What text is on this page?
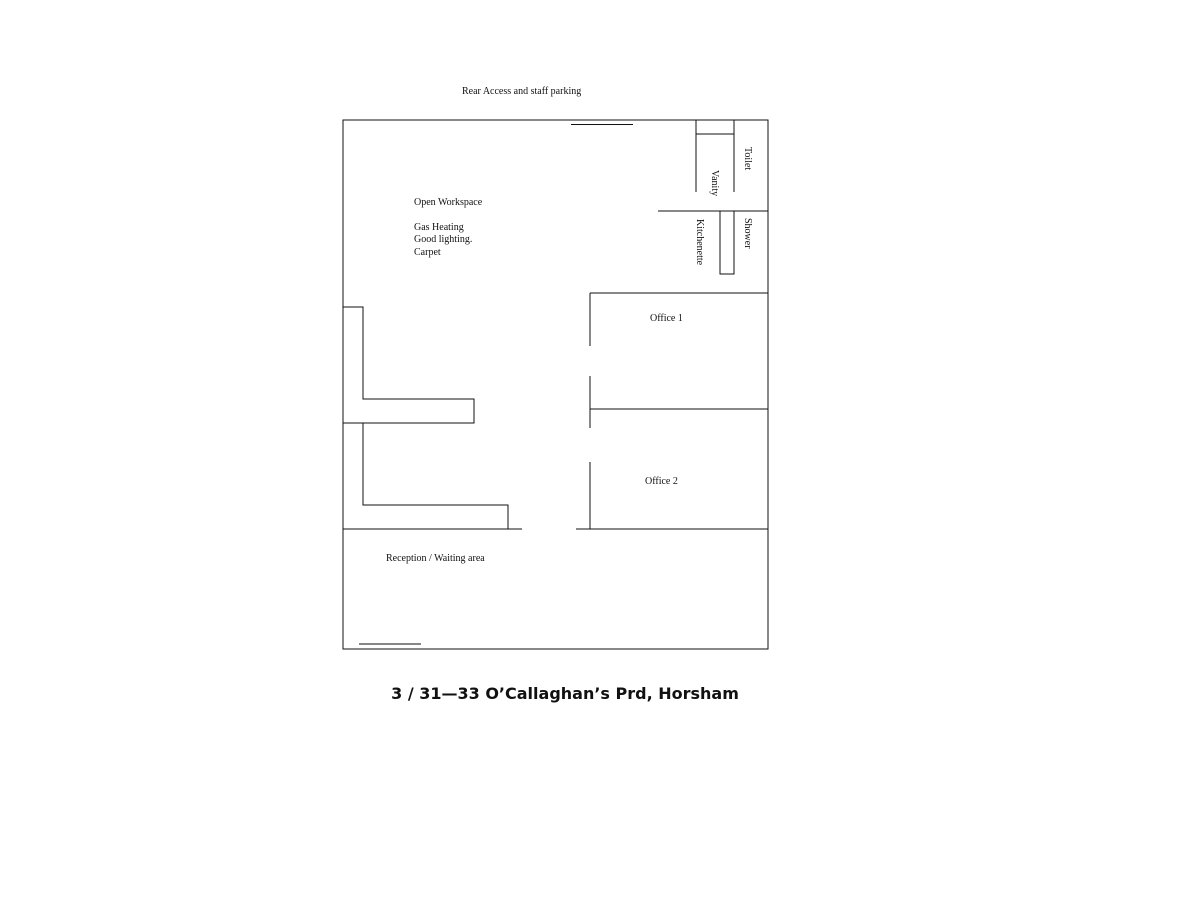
Rear Access and staff parking
Open Workspace
Gas Heating
Good lighting.
Carpet
Toilet
Vanity
Kitchenette	Shower
Office 1
Office 2
Reception / Waiting area
3 / 31—33 O’Callaghan’s Prd, Horsham
